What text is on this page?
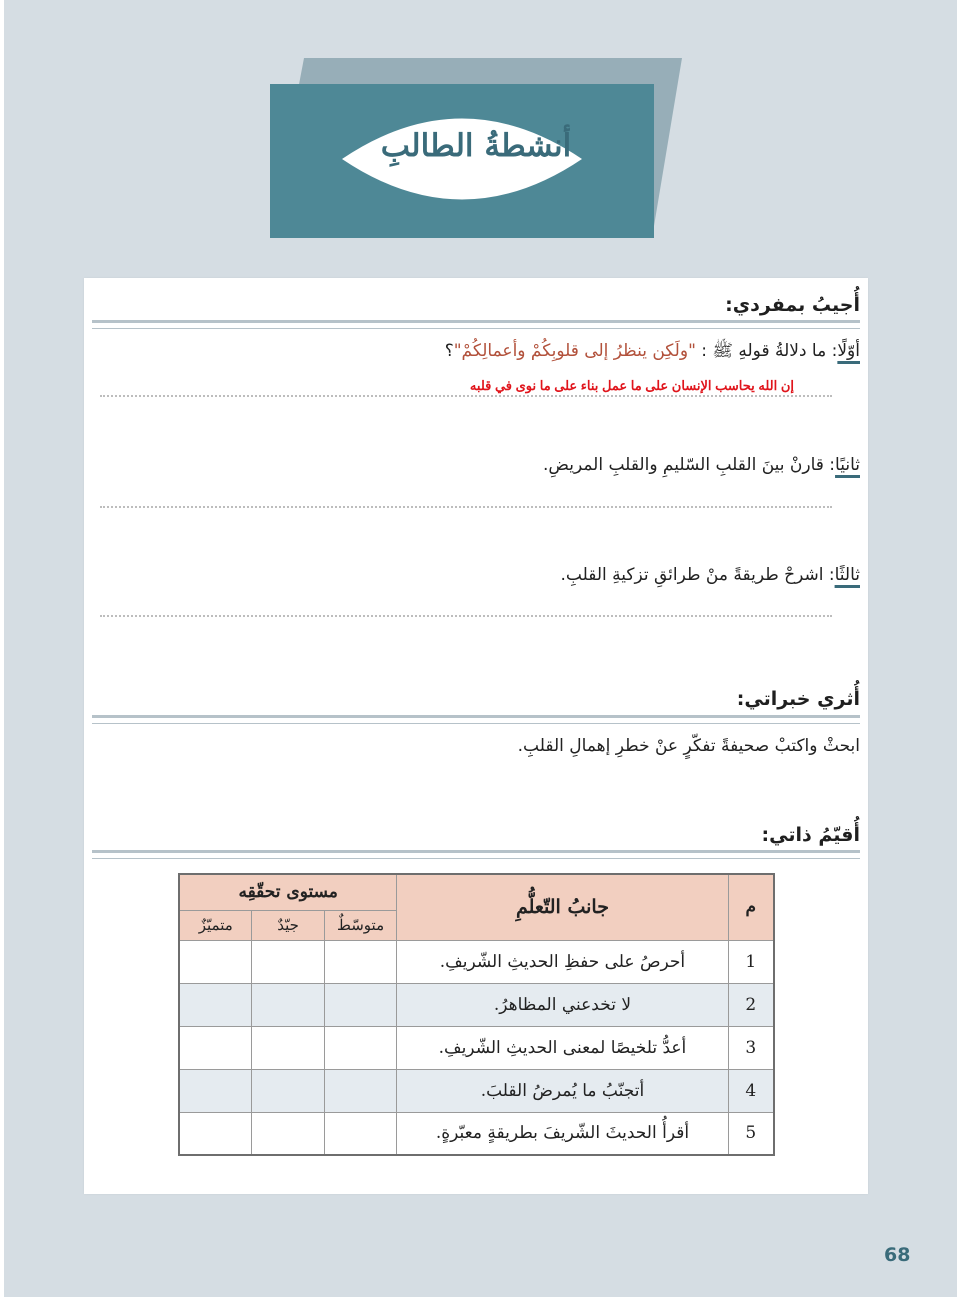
أنشطةُ الطالبِ
أُجيبُ بمفردي:
أوّلًا: ما دلالةُ قولهِ ﷺ : "ولَكِن ينظرُ إلى قلوبِكُمْ وأعمالِكُمْ"؟
إن الله يحاسب الإنسان على ما عمل بناء على ما نوى في قلبه
ثانيًا: قارنْ بينَ القلبِ السّليمِ والقلبِ المريضِ.
ثالثًا: اشرحْ طريقةً منْ طرائقِ تزكيةِ القلبِ.
أُثري خبراتي:
ابحثْ واكتبْ صحيفةً تفكّرٍ عنْ خطرِ إهمالِ القلبِ.
أُقيّمُ ذاتي:
م	جانبُ التّعلُّمِ	مستوى تحقّقِه		
		متوسّطٌ	جيّدٌ	متميّزٌ
1	أحرصُ على حفظِ الحديثِ الشّريفِ.			
2	لا تخدعني المظاهرُ.			
3	أعدُّ تلخيصًا لمعنى الحديثِ الشّريفِ.			
4	أتجنّبُ ما يُمرضُ القلبَ.			
5	أقرأُ الحديثَ الشّريفَ بطريقةٍ معبّرةٍ.			
68
